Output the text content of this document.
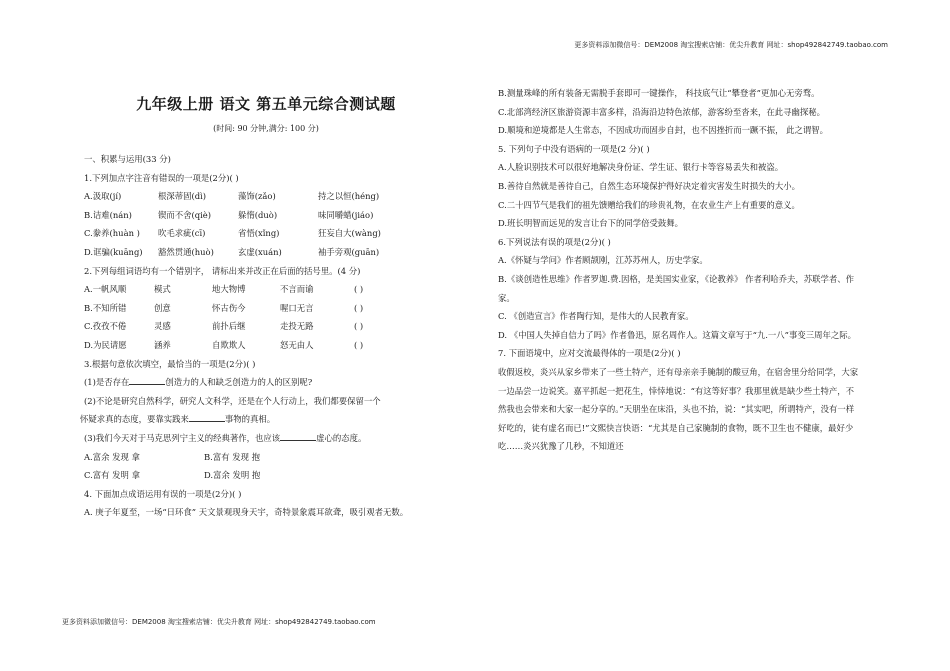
更多资料添加微信号：DEM2008 淘宝搜索店铺：优尖升教育 网址：shop492842749.taobao.com
九年级上册 语文 第五单元综合测试题
(时间: 90 分钟,满分: 100 分)
一、积累与运用(33 分)
1.下列加点字注音有错误的一项是(2分)( )
A.汲取(jí)	根深蒂固(dì)	藻饰(zǎo)	持之以恒(héng)
B.诘难(nán)	锲而不舍(qiè)	躲惰(duò)	味同嚼蜡(jiáo)
C.豢养(huàn )	吹毛求疵(cī)	省悟(xǐng)	狂妄自大(wàng)
D.诓骗(kuāng)	豁然贯通(huò)	玄虚(xuán)	袖手旁观(guān)
2.下列每组词语均有一个错别字， 请标出来并改正在后面的括号里。(4 分)
A.一帆风顺	模式	地大物博	不言而谕	( )
B.不知所错	创意	怀古伤今	喔口无言	( )
C.孜孜不倦	灵感	前扑后继	走投无路	( )
D.为民请愿	涵养	自欺欺人	怒无由人	( )
3.根据句意依次填空，最恰当的一项是(2分)( )
(1)是否存在	创造力的人和缺乏创造力的人的区别呢?
(2)不论是研究自然科学，研究人文科学，还是在个人行动上，我们都要保留一个
怀疑求真的态度，要靠实践来	事物的真相。
(3)我们今天对于马克思列宁主义的经典著作，也应该	虚心的态度。
A.富余 发现 拿	B.富有 发现 抱
C.富有 发明 拿	D.富余 发明 抱
4. 下面加点成语运用有误的一项是(2分)( )
A. 庚子年夏至，一场“日环食” 天文景观现身天宇，奇特景象震耳欲聋，吸引观者无数。
B.测量珠峰的所有装备无需脱手套即可一键操作， 科技底气让“攀登者”更加心无旁骛。
C.北部湾经济区旅游资源丰富多样，沿海沿边特色浓郁，游客纷至沓来，在此寻幽探秘。
D.顺境和逆境都是人生常态，不因成功而固步自封，也不因挫折而一蹶不振， 此之谓智。
5. 下列句子中没有语病的一项是(2 分)( )
A.人脸识别技术可以很好地解决身份证、学生证、银行卡等容易丢失和被盗。
B.善待自然就是善待自己，自然生态环境保护得好决定着灾害发生时损失的大小。
C.二十四节气是我们的祖先馈赠给我们的珍贵礼物，在农业生产上有重要的意义。
D.班长明智而远见的发言让台下的同学倍受鼓舞。
6.下列说法有误的项是(2分)( )
A.《怀疑与学问》作者顾颉刚，江苏苏州人，历史学家。
B.《谈创造性思维》作者罗迦.费.因格，是美国实业家，《论教养》 作者利哈乔夫，苏联学者、作家。
C. 《创造宣言》作者陶行知，是伟大的人民教育家。
D. 《中国人失掉自信力了吗》作者鲁迅，原名周作人。这篇文章写于“九.一八”事变三周年之际。
7. 下面语境中，应对交流最得体的一项是(2分)( )
收假返校，炎兴从家乡带来了一些土特产，还有母亲亲手腌制的酸豆角，在宿舍里分给同学，大家一边品尝一边说笑。嘉平抓起一把花生，悻悻地说：“有这等好事？我那里就是缺少些土特产，不然我也会带来和大家一起分享的。”天朋坐在床沿，头也不抬，说：“其实吧，所谓特产，没有一样好吃的，徒有虚名而已!”文熙快言快语：“尤其是自己家腌制的食物，既不卫生也不健康，最好少吃……炎兴犹豫了几秒，不知道还
更多资料添加微信号：DEM2008 淘宝搜索店铺：优尖升教育 网址：shop492842749.taobao.com
